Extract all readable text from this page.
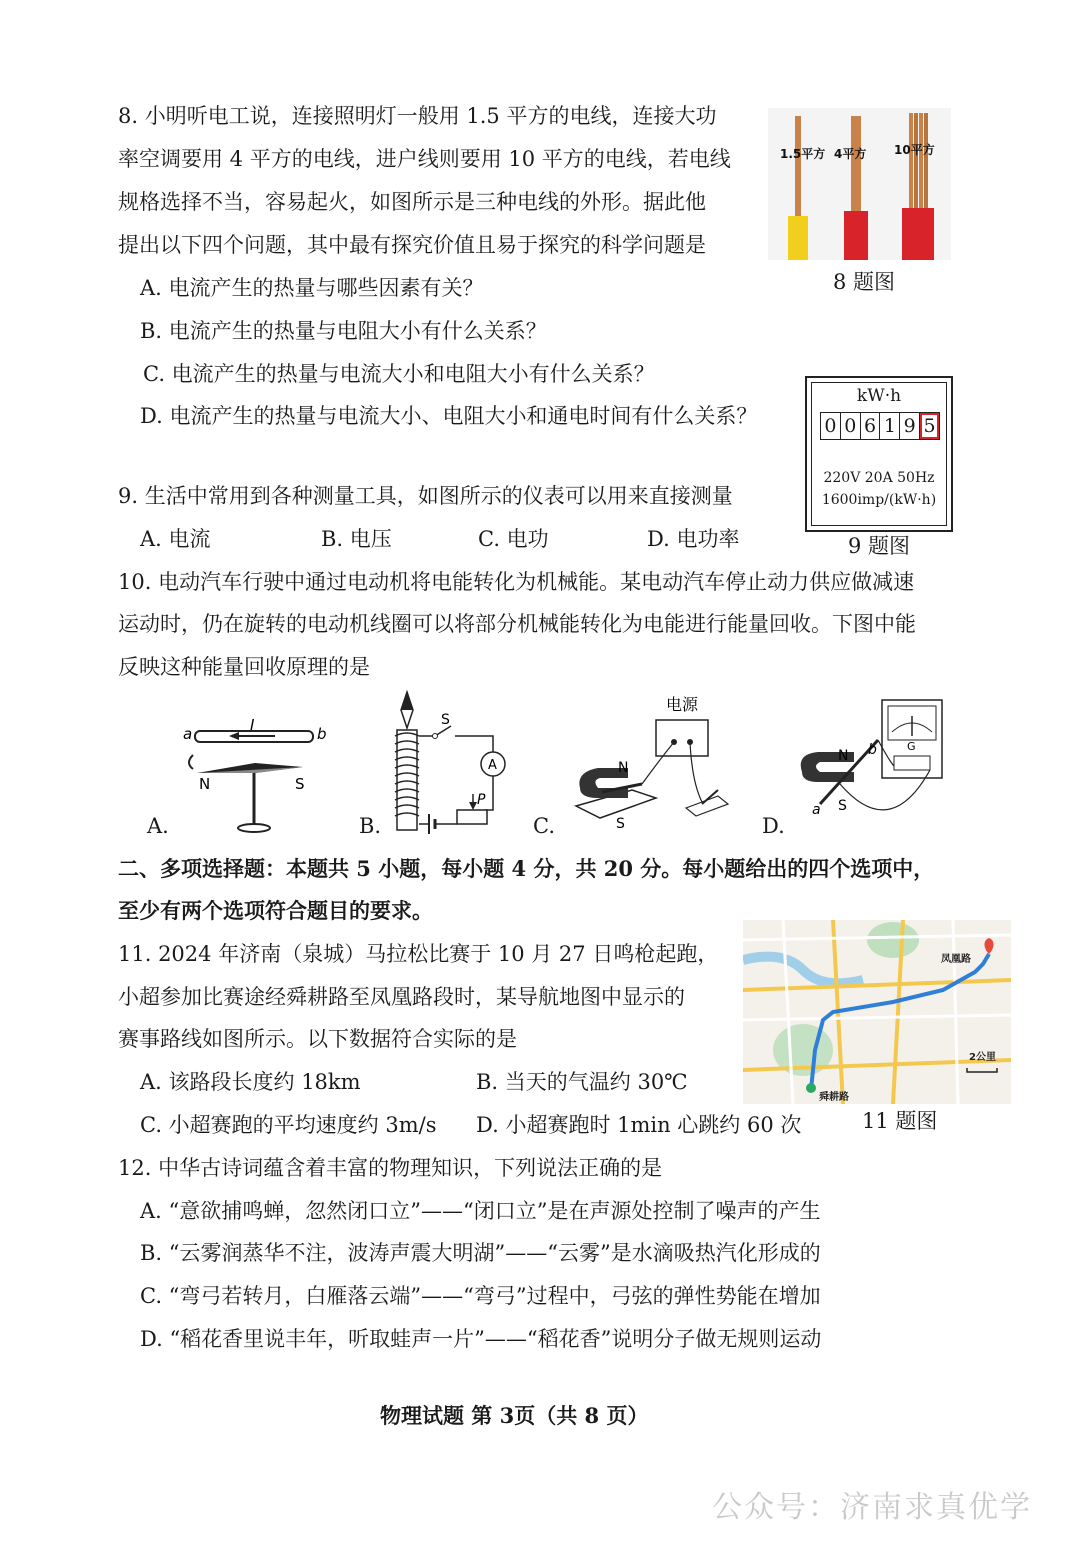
8. 小明听电工说，连接照明灯一般用 1.5 平方的电线，连接大功
率空调要用 4 平方的电线，进户线则要用 10 平方的电线，若电线
规格选择不当，容易起火，如图所示是三种电线的外形。据此他
提出以下四个问题，其中最有探究价值且易于探究的科学问题是
A. 电流产生的热量与哪些因素有关？
B. 电流产生的热量与电阻大小有什么关系？
C. 电流产生的热量与电流大小和电阻大小有什么关系？
D. 电流产生的热量与电流大小、电阻大小和通电时间有什么关系？
1.5平方 4平方 10平方
8 题图
kW·h
0 0 6 1 9 5
220V 20A 50Hz
1600imp/(kW·h)
9 题图
9. 生活中常用到各种测量工具，如图所示的仪表可以用来直接测量
A. 电流	B. 电压	C. 电功	D. 电功率
10. 电动汽车行驶中通过电动机将电能转化为机械能。某电动汽车停止动力供应做减速
运动时，仍在旋转的电动机线圈可以将部分机械能转化为电能进行能量回收。下图中能
反映这种能量回收原理的是
a	b
I
N	S
A.
A
S
P
B.
电源
N
S
C.
G
N
S
a
b
D.
二、多项选择题：本题共 5 小题，每小题 4 分，共 20 分。每小题给出的四个选项中，
至少有两个选项符合题目的要求。
11. 2024 年济南（泉城）马拉松比赛于 10 月 27 日鸣枪起跑，
小超参加比赛途经舜耕路至凤凰路段时，某导航地图中显示的
赛事路线如图所示。以下数据符合实际的是
A. 该路段长度约 18km	B. 当天的气温约 30℃
C. 小超赛跑的平均速度约 3m/s D. 小超赛跑时 1min 心跳约 60 次
凤凰路
舜耕路
2公里
11 题图
12. 中华古诗词蕴含着丰富的物理知识，下列说法正确的是
A. “意欲捕鸣蝉，忽然闭口立”——“闭口立”是在声源处控制了噪声的产生
B. “云雾润蒸华不注，波涛声震大明湖”——“云雾”是水滴吸热汽化形成的
C. “弯弓若转月，白雁落云端”——“弯弓”过程中，弓弦的弹性势能在增加
D. “稻花香里说丰年，听取蛙声一片”——“稻花香”说明分子做无规则运动
物理试题 第 3页（共 8 页）
公众号：济南求真优学
